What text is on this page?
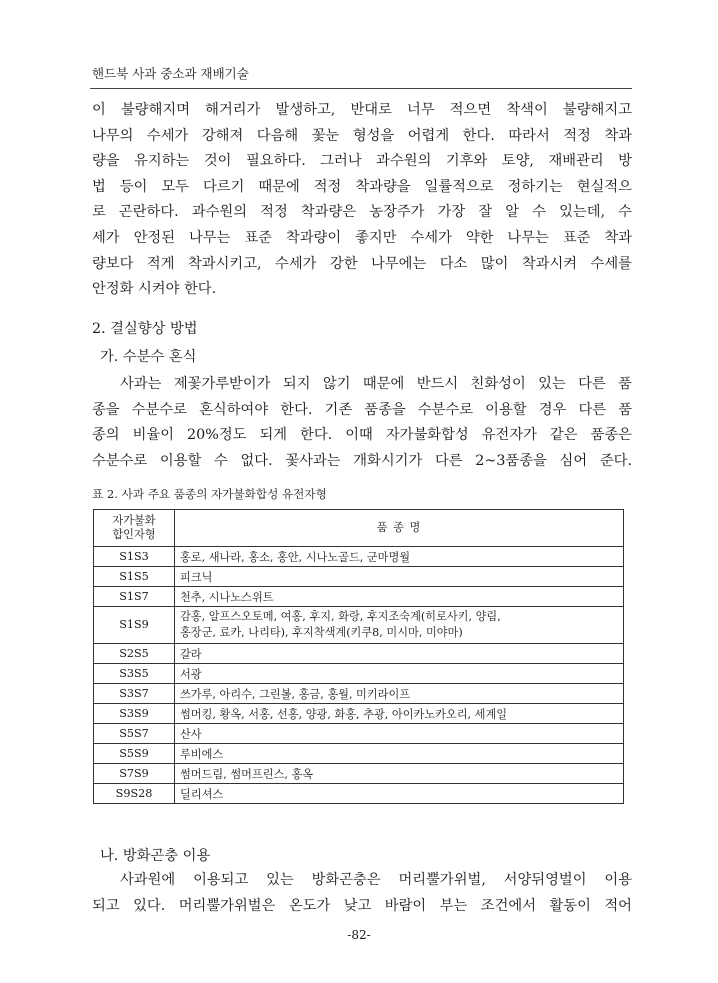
핸드북 사과 중소과 재배기술
이 불량해지며 해거리가 발생하고, 반대로 너무 적으면 착색이 불량해지고
나무의 수세가 강해져 다음해 꽃눈 형성을 어렵게 한다. 따라서 적정 착과
량을 유지하는 것이 필요하다. 그러나 과수원의 기후와 토양, 재배관리 방
법 등이 모두 다르기 때문에 적정 착과량을 일률적으로 정하기는 현실적으
로 곤란하다. 과수원의 적정 착과량은 농장주가 가장 잘 알 수 있는데, 수
세가 안정된 나무는 표준 착과량이 좋지만 수세가 약한 나무는 표준 착과
량보다 적게 착과시키고, 수세가 강한 나무에는 다소 많이 착과시켜 수세를
안정화 시켜야 한다.
2. 결실향상 방법
가. 수분수 혼식
사과는 제꽃가루받이가 되지 않기 때문에 반드시 친화성이 있는 다른 품
종을 수분수로 혼식하여야 한다. 기존 품종을 수분수로 이용할 경우 다른 품
종의 비율이 20%정도 되게 한다. 이때 자가불화합성 유전자가 같은 품종은
수분수로 이용할 수 없다. 꽃사과는 개화시기가 다른 2~3품종을 심어 준다.
표 2. 사과 주요 품종의 자가불화합성 유전자형
자가불화
합인자형	품 종 명
S1S3	홍로, 새나라, 홍소, 홍안, 시나노골드, 군마명월
S1S5	피크닉
S1S7	천추, 시나노스위트
S1S9	감홍, 알프스오토메, 여홍, 후지, 화랑, 후지조숙계(히로사키, 양림,
홍장군, 료카, 나리타), 후지착색계(키쿠8, 미시마, 미야마)
S2S5	갈라
S3S5	서광
S3S7	쓰가루, 아리수, 그린볼, 홍금, 홍월, 미키라이프
S3S9	썸머킹, 황옥, 서홍, 선홍, 양광, 화홍, 추광, 아이카노카오리, 세계일
S5S7	산사
S5S9	루비에스
S7S9	썸머드림, 썸머프린스, 홍옥
S9S28	딜리셔스
나. 방화곤충 이용
사과원에 이용되고 있는 방화곤충은 머리뿔가위벌, 서양뒤영벌이 이용
되고 있다. 머리뿔가위벌은 온도가 낮고 바람이 부는 조건에서 활동이 적어
-82-
